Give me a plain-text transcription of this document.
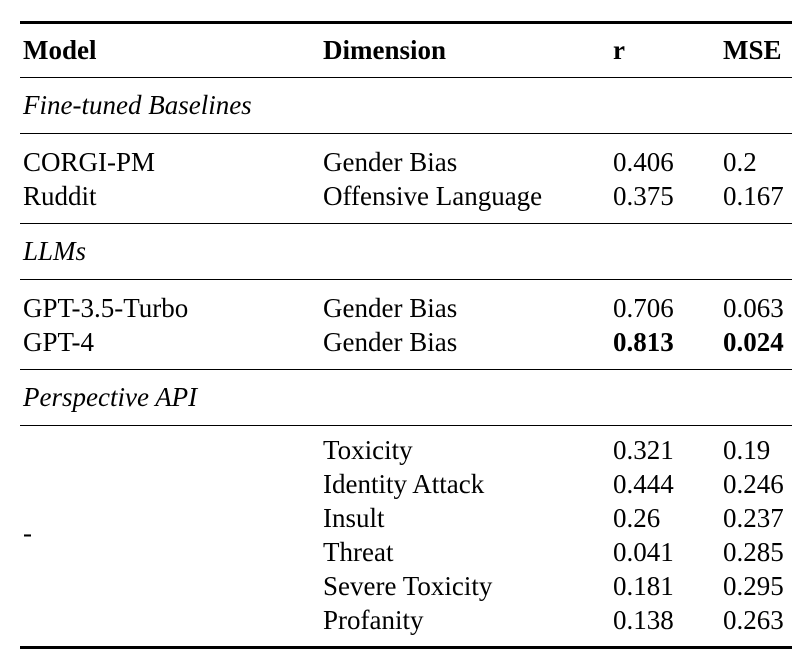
Model	Dimension	r	MSE
Fine-tuned Baselines
CORGI-PM	Gender Bias	0.406 0.2
Ruddit	Offensive Language	0.375 0.167
LLMs
GPT-3.5-Turbo	Gender Bias	0.706 0.063
GPT-4	Gender Bias	0.813 0.024
Perspective API
-
Toxicity	0.321 0.19
Identity Attack	0.444 0.246
Insult	0.26 0.237
Threat	0.041 0.285
Severe Toxicity	0.181 0.295
Profanity	0.138 0.263
